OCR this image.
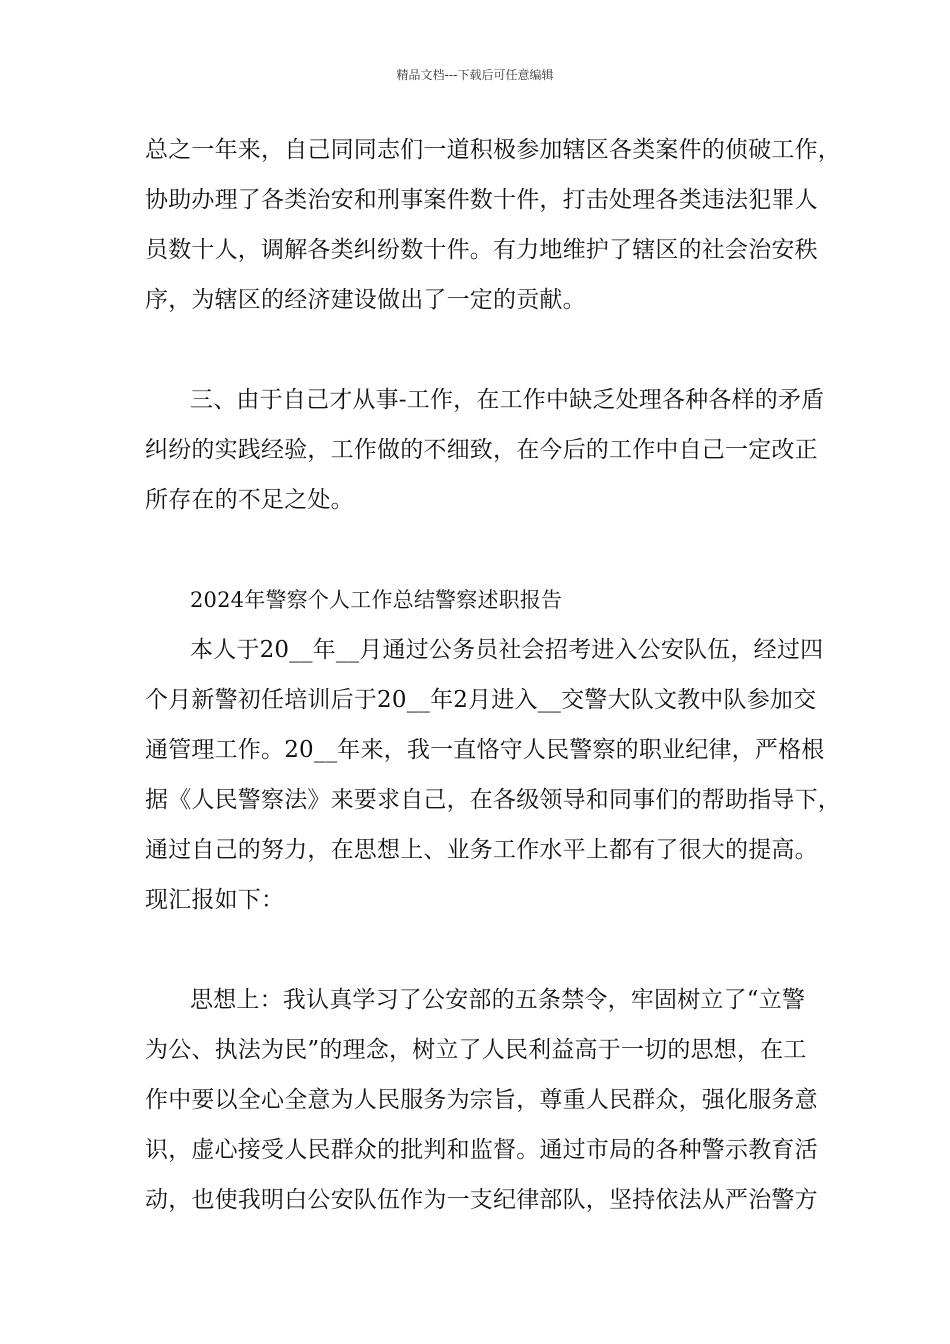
精品文档---下载后可任意编辑
总之一年来，自己同同志们一道积极参加辖区各类案件的侦破工作，
协助办理了各类治安和刑事案件数十件，打击处理各类违法犯罪人
员数十人，调解各类纠纷数十件。有力地维护了辖区的社会治安秩
序，为辖区的经济建设做出了一定的贡献。
三、由于自己才从事-工作，在工作中缺乏处理各种各样的矛盾
纠纷的实践经验，工作做的不细致，在今后的工作中自己一定改正
所存在的不足之处。
2024年警察个人工作总结警察述职报告
本人于20__年__月通过公务员社会招考进入公安队伍，经过四
个月新警初任培训后于20__年2月进入__交警大队文教中队参加交
通管理工作。20__年来，我一直恪守人民警察的职业纪律，严格根
据《人民警察法》来要求自己，在各级领导和同事们的帮助指导下，
通过自己的努力，在思想上、业务工作水平上都有了很大的提高。
现汇报如下：
思想上：我认真学习了公安部的五条禁令，牢固树立了“立警
为公、执法为民”的理念，树立了人民利益高于一切的思想，在工
作中要以全心全意为人民服务为宗旨，尊重人民群众，强化服务意
识，虚心接受人民群众的批判和监督。通过市局的各种警示教育活
动，也使我明白公安队伍作为一支纪律部队，坚持依法从严治警方
